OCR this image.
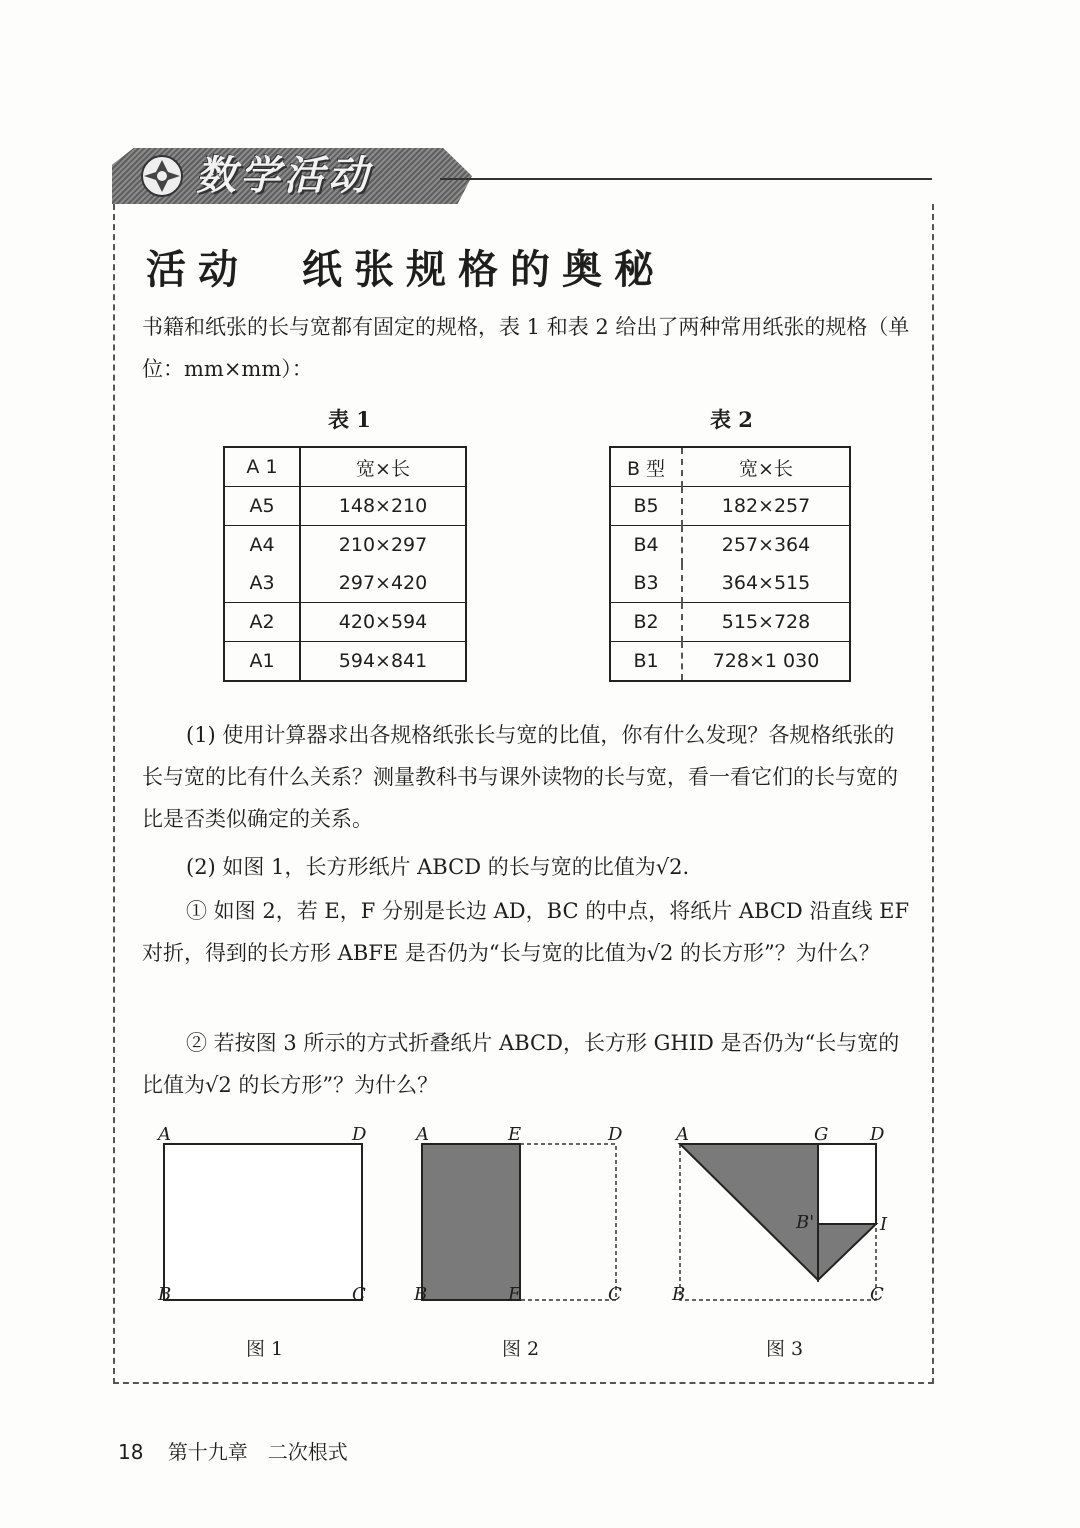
数学活动
活动　纸张规格的奥秘
书籍和纸张的长与宽都有固定的规格，表 1 和表 2 给出了两种常用纸张的规格（单位：mm×mm）：
表 1	表 2
A 1	宽×长
A5	148×210
A4	210×297
A3	297×420
A2	420×594
A1	594×841
B 型	宽×长
B5	182×257
B4	257×364
B3	364×515
B2	515×728
B1	728×1 030
(1) 使用计算器求出各规格纸张长与宽的比值，你有什么发现？各规格纸张的长与宽的比有什么关系？测量教科书与课外读物的长与宽，看一看它们的长与宽的比是否类似确定的关系。
(2) 如图 1，长方形纸片 ABCD 的长与宽的比值为√2.
① 如图 2，若 E，F 分别是长边 AD，BC 的中点，将纸片 ABCD 沿直线 EF 对折，得到的长方形 ABFE 是否仍为“长与宽的比值为√2 的长方形”？为什么？
② 若按图 3 所示的方式折叠纸片 ABCD，长方形 GHID 是否仍为“长与宽的比值为√2 的长方形”？为什么？
A	D
B	C
图 1
A	E	D
B	F	C
图 2
A	G D
B'	I
B	C
图 3
18 第十九章　二次根式
